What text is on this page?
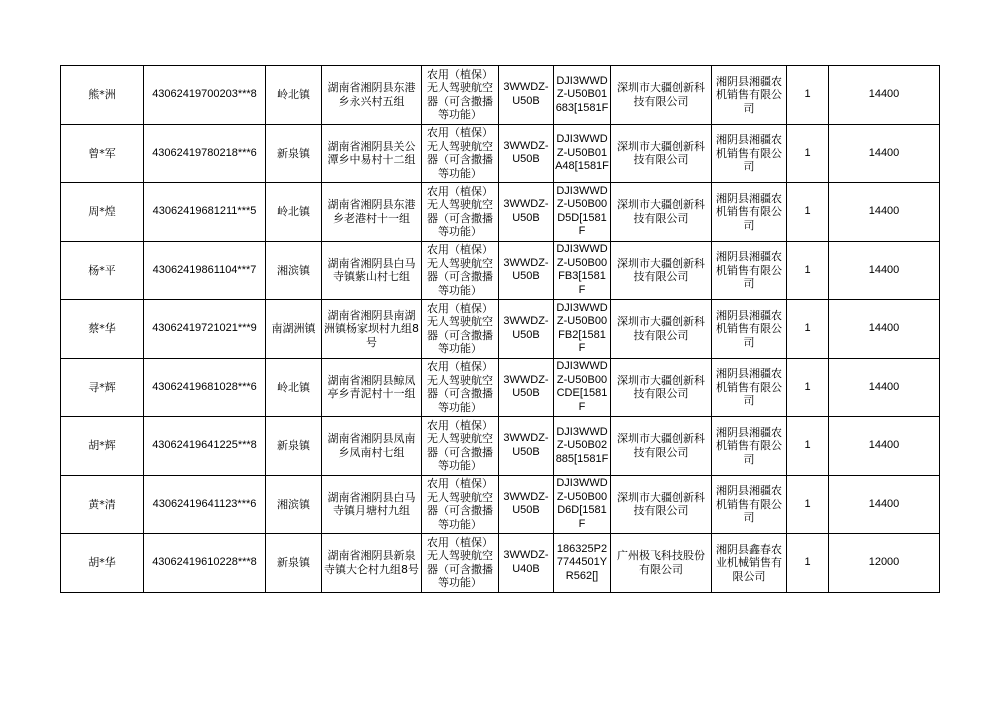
熊*洲	43062419700203***8	岭北镇	湖南省湘阴县东港乡永兴村五组	农用（植保）无人驾驶航空器（可含撒播等功能）	3WWDZ-U50B	DJI3WWDZ-U50B01683[1581F	深圳市大疆创新科技有限公司	湘阴县湘疆农机销售有限公司	1	14400
曾*军	43062419780218***6	新泉镇	湖南省湘阴县关公潭乡中易村十二组	农用（植保）无人驾驶航空器（可含撒播等功能）	3WWDZ-U50B	DJI3WWDZ-U50B01A48[1581F	深圳市大疆创新科技有限公司	湘阴县湘疆农机销售有限公司	1	14400
周*煌	43062419681211***5	岭北镇	湖南省湘阴县东港乡老港村十一组	农用（植保）无人驾驶航空器（可含撒播等功能）	3WWDZ-U50B	DJI3WWDZ-U50B00D5D[1581F	深圳市大疆创新科技有限公司	湘阴县湘疆农机销售有限公司	1	14400
杨*平	43062419861104***7	湘滨镇	湖南省湘阴县白马寺镇紫山村七组	农用（植保）无人驾驶航空器（可含撒播等功能）	3WWDZ-U50B	DJI3WWDZ-U50B00FB3[1581F	深圳市大疆创新科技有限公司	湘阴县湘疆农机销售有限公司	1	14400
蔡*华	43062419721021***9	南湖洲镇	湖南省湘阴县南湖洲镇杨家坝村九组8号	农用（植保）无人驾驶航空器（可含撒播等功能）	3WWDZ-U50B	DJI3WWDZ-U50B00FB2[1581F	深圳市大疆创新科技有限公司	湘阴县湘疆农机销售有限公司	1	14400
寻*辉	43062419681028***6	岭北镇	湖南省湘阴县鲸凤亭乡青泥村十一组	农用（植保）无人驾驶航空器（可含撒播等功能）	3WWDZ-U50B	DJI3WWDZ-U50B00CDE[1581F	深圳市大疆创新科技有限公司	湘阴县湘疆农机销售有限公司	1	14400
胡*辉	43062419641225***8	新泉镇	湖南省湘阴县凤南乡凤南村七组	农用（植保）无人驾驶航空器（可含撒播等功能）	3WWDZ-U50B	DJI3WWDZ-U50B02885[1581F	深圳市大疆创新科技有限公司	湘阴县湘疆农机销售有限公司	1	14400
黄*清	43062419641123***6	湘滨镇	湖南省湘阴县白马寺镇月塘村九组	农用（植保）无人驾驶航空器（可含撒播等功能）	3WWDZ-U50B	DJI3WWDZ-U50B00D6D[1581F	深圳市大疆创新科技有限公司	湘阴县湘疆农机销售有限公司	1	14400
胡*华	43062419610228***8	新泉镇	湖南省湘阴县新泉寺镇大仑村九组8号	农用（植保）无人驾驶航空器（可含撒播等功能）	3WWDZ-U40B	186325P27744501YR562[]	广州极飞科技股份有限公司	湘阴县鑫春农业机械销售有限公司	1	12000
